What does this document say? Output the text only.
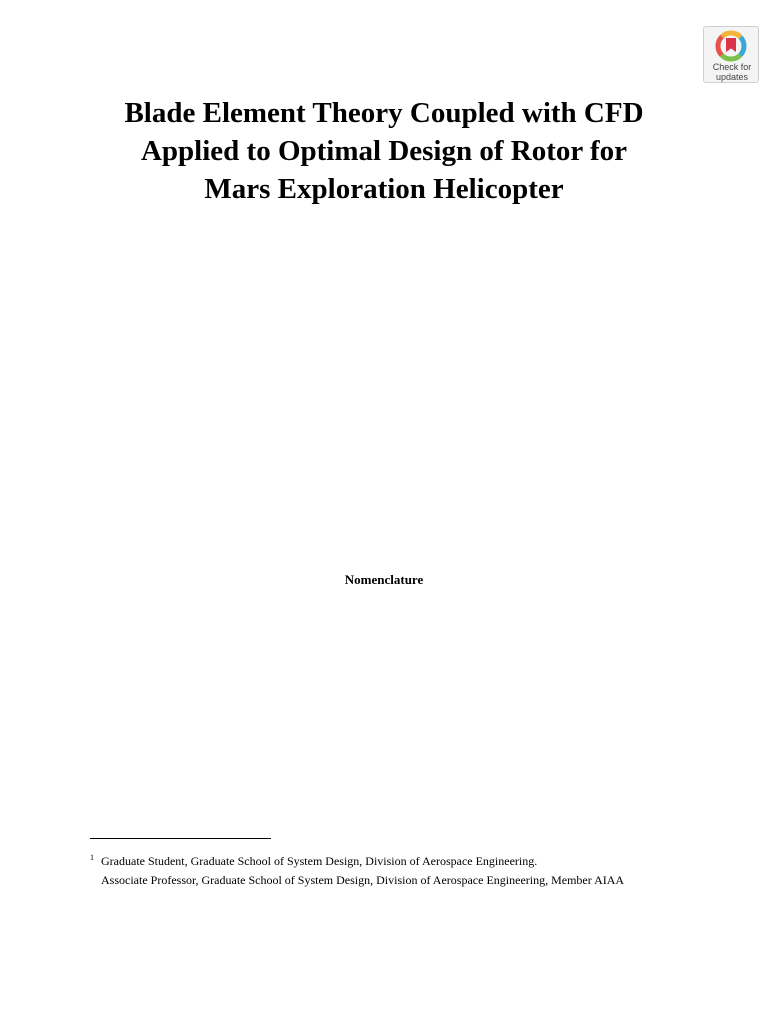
Check for
updates
Blade Element Theory Coupled with CFD
Applied to Optimal Design of Rotor for
Mars Exploration Helicopter
Nomenclature
1 Graduate Student, Graduate School of System Design, Division of Aerospace Engineering.
Associate Professor, Graduate School of System Design, Division of Aerospace Engineering, Member AIAA
